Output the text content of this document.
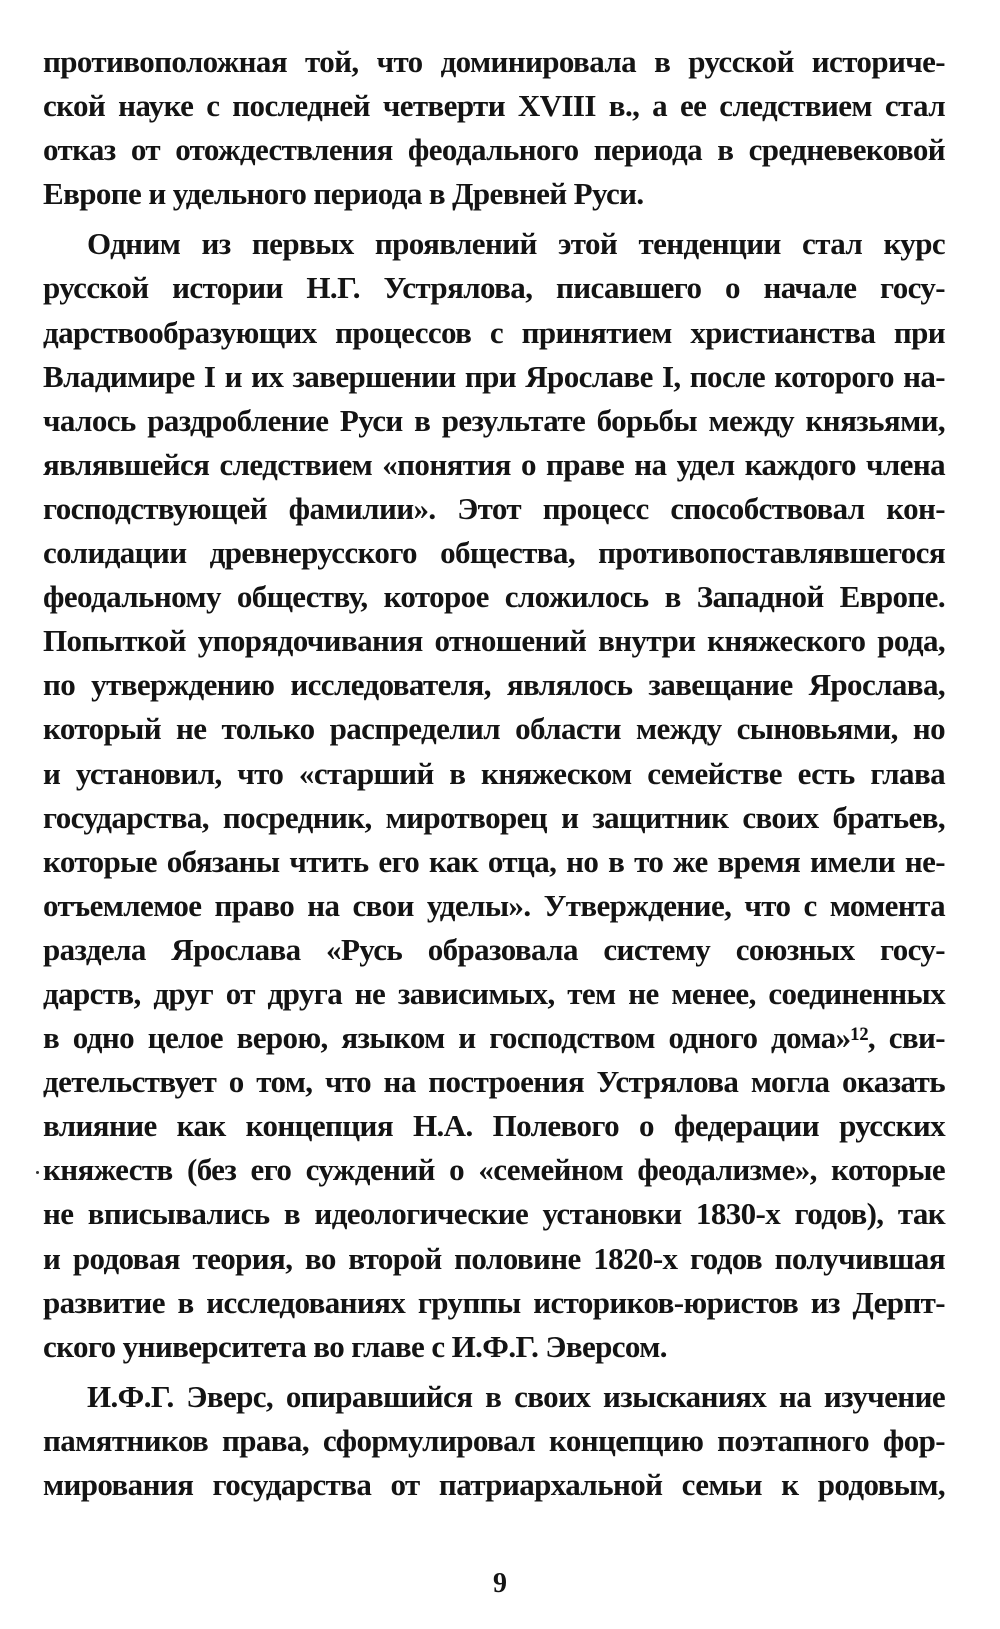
противоположная той, что доминировала в русской историче-
ской науке с последней четверти XVIII в., а ее следствием стал
отказ от отождествления феодального периода в средневековой
Европе и удельного периода в Древней Руси.
Одним из первых проявлений этой тенденции стал курс
русской истории Н.Г. Устрялова, писавшего о начале госу-
дарствообразующих процессов с принятием христианства при
Владимире I и их завершении при Ярославе I, после которого на-
чалось раздробление Руси в результате борьбы между князьями,
являвшейся следствием «понятия о праве на удел каждого члена
господствующей фамилии». Этот процесс способствовал кон-
солидации древнерусского общества, противопоставлявшегося
феодальному обществу, которое сложилось в Западной Европе.
Попыткой упорядочивания отношений внутри княжеского рода,
по утверждению исследователя, являлось завещание Ярослава,
который не только распределил области между сыновьями, но
и установил, что «старший в княжеском семействе есть глава
государства, посредник, миротворец и защитник своих братьев,
которые обязаны чтить его как отца, но в то же время имели не-
отъемлемое право на свои уделы». Утверждение, что с момента
раздела Ярослава «Русь образовала систему союзных госу-
дарств, друг от друга не зависимых, тем не менее, соединенных
в одно целое верою, языком и господством одного дома»¹², сви-
детельствует о том, что на построения Устрялова могла оказать
влияние как концепция Н.А. Полевого о федерации русских
княжеств (без его суждений о «семейном феодализме», которые
не вписывались в идеологические установки 1830-х годов), так
и родовая теория, во второй половине 1820-х годов получившая
развитие в исследованиях группы историков-юристов из Дерпт-
ского университета во главе с И.Ф.Г. Эверсом.
И.Ф.Г. Эверс, опиравшийся в своих изысканиях на изучение
памятников права, сформулировал концепцию поэтапного фор-
мирования государства от патриархальной семьи к родовым,
9
